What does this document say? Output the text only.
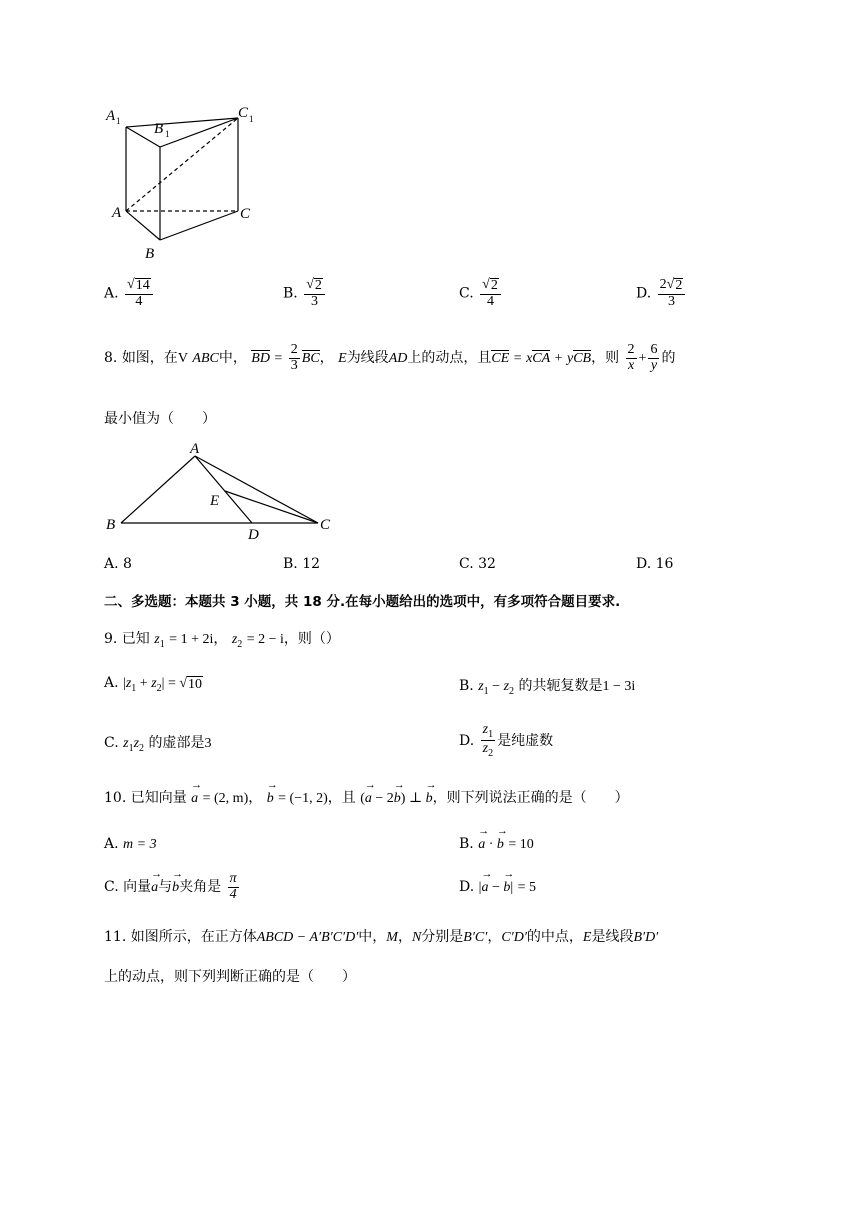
A 1 B 1
C 1
A	C
B
A. $\frac{√ 14}{4}$	B. $\frac{√ 2}{3}$	C. $\frac{√ 2}{4}$	D. $\frac{2 √ 2}{3}$
8. 如图，在V ABC中， BD = $\frac{2}{3}$ BC， E为线段AD上的动点，且CE = xCA + yCB，则 $\frac{2}{x} + \frac{6}{y}$ 的
最小值为（　　）
A
E
B
D
C
A. 8	B. 12	C. 32	D. 16
二、多选题：本题共 3 小题，共 18 分.在每小题给出的选项中，有多项符合题目要求.
9. 已知 $z_1 = 1 + 2i$， $z_2 = 2 - i$，则（）
A. $|z_1 + z_2|$ = √ 10	B. $z_1 - z_2$ 的共轭复数是1 − 3i
C. $z_1z_2$ 的虚部是3	D. $\frac{z_1}{z_2}$ 是纯虚数
10. 已知向量 a → = (2, m)， b → = (−1, 2)，且 (a → − 2b →) ⊥ b →，则下列说法正确的是（　　）
A. m = 3	B. a → · b → = 10
C. 向量a →与b →夹角是 $\frac{\pi}{4}$	D. |a → − b →| = 5
11. 如图所示，在正方体ABCD − A′B′C′D′中，M，N分别是B′C′，C′D′的中点，E是线段B′D′
上的动点，则下列判断正确的是（　　）
